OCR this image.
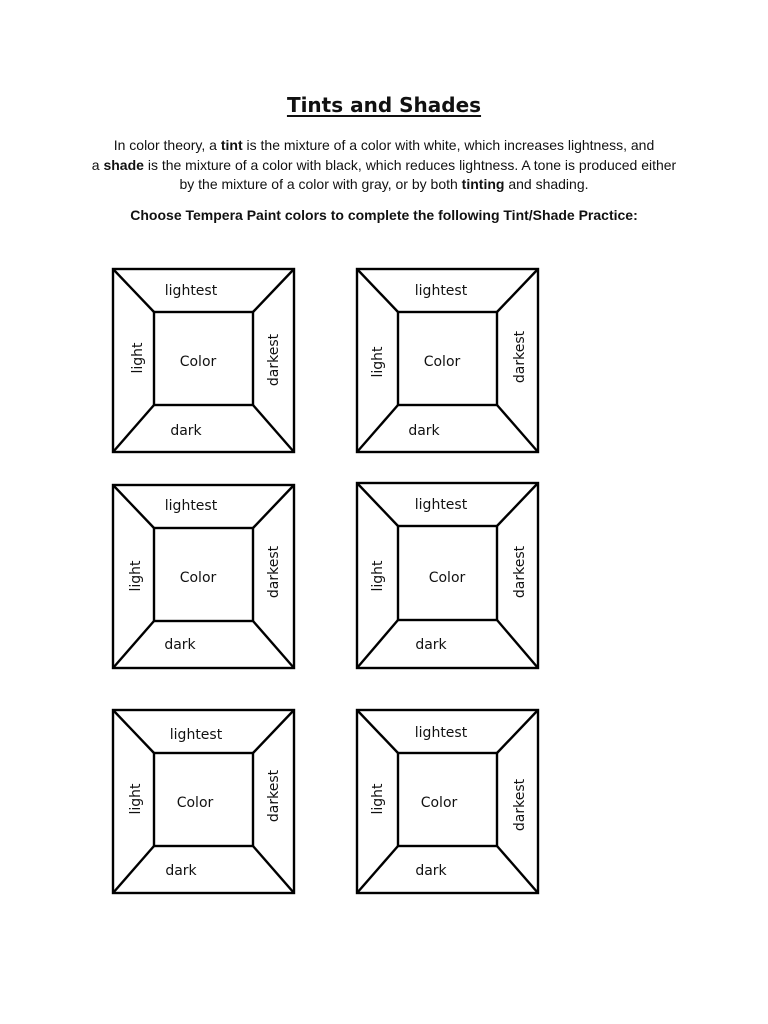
Tints and Shades
In color theory, a tint is the mixture of a color with white, which increases lightness, and
a shade is the mixture of a color with black, which reduces lightness. A tone is produced either
by the mixture of a color with gray, or by both tinting and shading.
Choose Tempera Paint colors to complete the following Tint/Shade Practice:
lightest
Color
dark
light	darkest
lightest
Color
dark
light	darkest
lightest
Color
dark
light	darkest
lightest
Color
dark
light	darkest
lightest
Color
dark
light	darkest
lightest
Color
dark
light	darkest
